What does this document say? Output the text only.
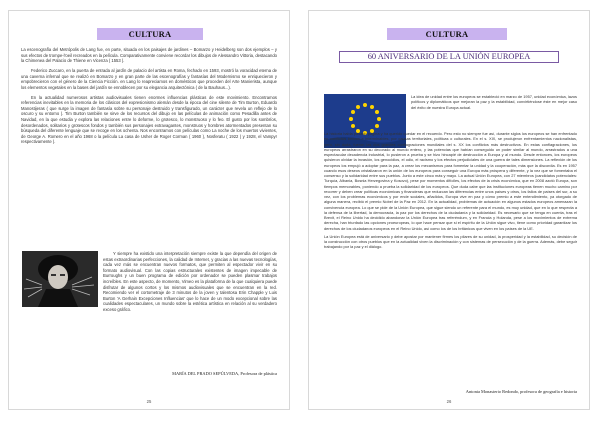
CULTURA

La escenografía del Metrópolis de Lang fue, en parte, situada en los paisajes de jardines – Bomarzo y Heidelberg son dos ejemplos – y sus efectos de trompe-l'oeil recreados en la película. Comparativamente conviene recordar los dibujos de Alessandro Vittoria, destacando la Chimenea del Palacio de Thiene en Vicenza ( 1553 ).

Federico Zuccaro, en la puerta de entrada al jardín de palacio del artista en Roma, fechado en 1593, mostró la voracidad eterna de una caverna infernal que se realizó en Bomarzo y en gran parte de las escenografías y fantasías del Modernismo se enriquecieron y empobrecieron con el género de la Ciencia Ficción. en Lang lo reapreciamos en domésticos que proceden del Arte Manierista, aunque los elementos vegetales en la bases del jardín se ennoblecen por su elegancia arquitectónica ( de la Bauhaus...).

En la actualidad numerosos artistas audiovisuales tienen enormes influencias plásticas de este movimiento. Encontramos referencias inevitables en la memoria de los clásicos del expresionismo alemán desde la época del cine silente de Tim Burton, Eduardo Manostijeras ( que surge la imagen de fantasía sobre su personaje destruido y transfigurado, un carácter que revela un reflejo de lo oscuro y su entorno ). Tim Burton también se sirve de los recursos del dibujo en las películas de animación como Pesadilla antes de Navidad, en la que estudia y explora las relaciones entre lo deforme, lo grotesco, lo monstruoso y lo feo. El gusto por los sombríos, desordenados, solitarios y grotescos fondos y también sus personajes extravagantes, monstruos y hombres atormentados presentan su búsqueda del diferente lenguaje que se recoge en los ochenta. Nos encontramos con películas como La noche de los muertos vivientes, de George A. Romero en el año 1968 o la película La casa de Usher de Roger Corman ( 1960 ), Nosferatu ( 1922 ) y 1928, el Vampyr respectivamente ).

Y siempre ha existido una interpretación siempre existe la que dependía del origen de estas extraordinarias perfecciones, la calidad de Internet, y gracias a las nuevas tecnologías, cada vez más se encuentran nuevos formatos, que permiten al espectador vivir en su formato audiovisual. Con las copias estructurales existentes de imagen impecable de Burroughs y un buen programa de edición por ordenador se pueden plasmar trabajos increíbles. En este aspecto, de momento, Vimeo es la plataforma de la que cualquiera puede disfrutar de algunos cortos y los mismos audiovisuales que se encuentran en la red. Recomiendo ver el cortometraje de 3 minutos de la joven y talentosa Erin Chapple y Luis Burton 'A Gerhain Excepciones Influencias' que lo hace de un modo excepcional sobre las cualidades espectaculares, un mundo sobre la estética artística en relación al su verdadero exceso gráfico.

MARÍA DEL PRADO SEPÚLVEDA, Profesora de plástica
25
CULTURA
60 ANIVERSARIO DE LA UNIÓN EUROPEA

La idea de unidad entre los europeos se estableció en marzo de 1957, unidad económica, lazos políticos y diplomáticos que mejoran la paz y la estabilidad, convirtiéndose éste en mejor caso del éxito de nuestra Europa actual.

La historia habla pasado página y ha querido quedar en el recuerdo. Pero esto no siempre fue así, durante siglos los europeos se han enfrentado en conflictos bélicos e interminables, por causas territoriales, políticas o culturales. En el s. XIX, se produjeron enfrentamientos nacionalistas, pero, sin duda, fueron las dos grandes conflagraciones mundiales del s. XX los conflictos más destructivos. En estas conflagraciones, los europeos arrastraron en su decorado al mundo entero, y las potencias que habían conseguido un poder similar al mundo, arrastrados a una espectacular decadencia industrial, lo pusieron a prueba y se hizo hincapié de destrucción a Europa y al mundo. Desde entonces, los europeos quisieron olvidar la invasión, los genocidios, el odio, el racismo y los efectos perjudiciales de una guerra de tales dimensiones. La reflexión de los europeos los empujó a adoptar para la paz, a crear los mecanismos para fomentar la unidad y la cooperación, más que la discordia. Es en 1957 cuando esos deseos cristalizaron en la unión de los europeos para conseguir una Europa más próspera y diferente, y la vez que se fomentaba el consenso y la solidaridad entre sus pueblos. Junto a este cinco más y mayo. La actual Unión Europea, con 27 miembros (candidatos potenciales: Turquía, Albania, Bosnia Herzegovina y Kosovo), pese por momentos difíciles, los efectos de la crisis económica, que en 2008 azotó Europa, son tiempos memorables, poniendo a prueba la solidaridad de los europeos. Que duda cabe que las instituciones europeas tienen mucho camino por recorrer y deben crear políticas económicas y financieras que reduzcan las diferencias entre unos países y otros, los fallos de países del sur, a su vez, con los problemas económicos y por ende sociales, añadidos, Europa vive en paz y cómo premio a este entendimiento, ya otorgado de alguna manera, recibió el premio Nobel de la Paz en 2012. En la actualidad, problemas de actuación en algunos estados europeos amenazan la convivencia europea. Lo que se pide de la Unión Europea, que sigue siendo un referente para el mundo, es muy unidad, que en lo que respecta a la defensa de la libertad, la democracia, la paz por los derechos de la ciudadanía y la solidaridad. Es necesario que se tenga en cuenta, tras el Brexit, el Reino Unido ha decidido abandonar la Unión Europea tras referéndum, y en Francia y Holanda, pese a los movimientos de extrema derecha, han triunfado las opciones proeuropeas, lo que hace pensar que si el espíritu de la Unión sigue vivo, tiene como prioridad garantizar los derechos de los ciudadanos europeos en el Reino Unido, así como los de los británicos que viven en los países de la UE.

La Unión Europea está de aniversario y debe apostar por mantener firmes los pilares de su unidad, la prosperidad y la estabilidad, su decisión de la construcción con otros pueblos que en la actualidad viven la discriminación y con sistemas de persecución y de la guerra. Además, debe seguir trabajando por la paz y el diálogo.

Antonia Monasterio Redondo, profesora de geografía e historia
26
